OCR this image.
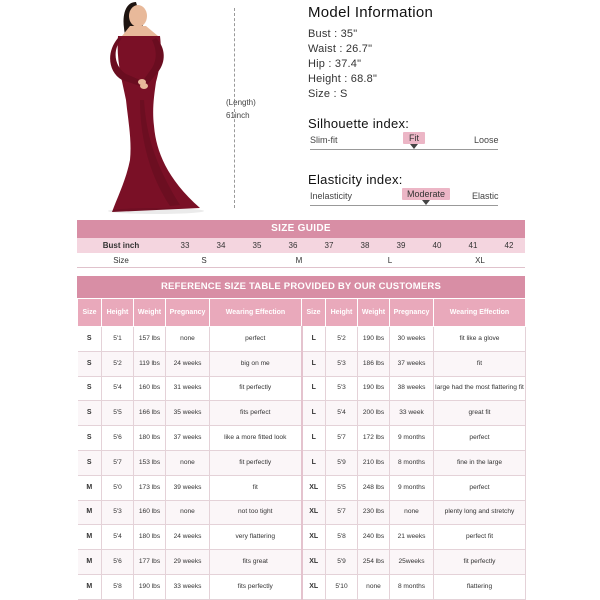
(Length)
61inch
Model Information
Bust : 35"
Waist : 26.7"
Hip : 37.4"
Height : 68.8"
Size : S
Silhouette index:
Slim-fit	Fit	Loose
Elasticity index:
Inelasticity	Moderate	Elastic
SIZE GUIDE
Bust inch	33	34	35	36	37	38	39	40	41	42
Size	S	M	L	XL
REFERENCE SIZE TABLE PROVIDED BY OUR CUSTOMERS
Size	Height	Weight	Pregnancy	Wearing Effection	Size	Height	Weight	Pregnancy	Wearing Effection
S	5'1	157 lbs	none	perfect	L	5'2	190 lbs	30 weeks	fit like a glove
S	5'2	119 lbs	24 weeks	big on me	L	5'3	186 lbs	37 weeks	fit
S	5'4	160 lbs	31 weeks	fit perfectly	L	5'3	190 lbs	38 weeks	large had the most flattering fit
S	5'5	166 lbs	35 weeks	fits perfect	L	5'4	200 lbs	33 week	great fit
S	5'6	180 lbs	37 weeks	like a more fitted look	L	5'7	172 lbs	9 months	perfect
S	5'7	153 lbs	none	fit perfectly	L	5'9	210 lbs	8 months	fine in the large
M	5'0	173 lbs	39 weeks	fit	XL	5'5	248 lbs	9 months	perfect
M	5'3	160 lbs	none	not too tight	XL	5'7	230 lbs	none	plenty long and stretchy
M	5'4	180 lbs	24 weeks	very flattering	XL	5'8	240 lbs	21 weeks	perfect fit
M	5'6	177 lbs	29 weeks	fits great	XL	5'9	254 lbs	25weeks	fit perfectly
M	5'8	190 lbs	33 weeks	fits perfectly	XL	5'10	none	8 months	flattering
